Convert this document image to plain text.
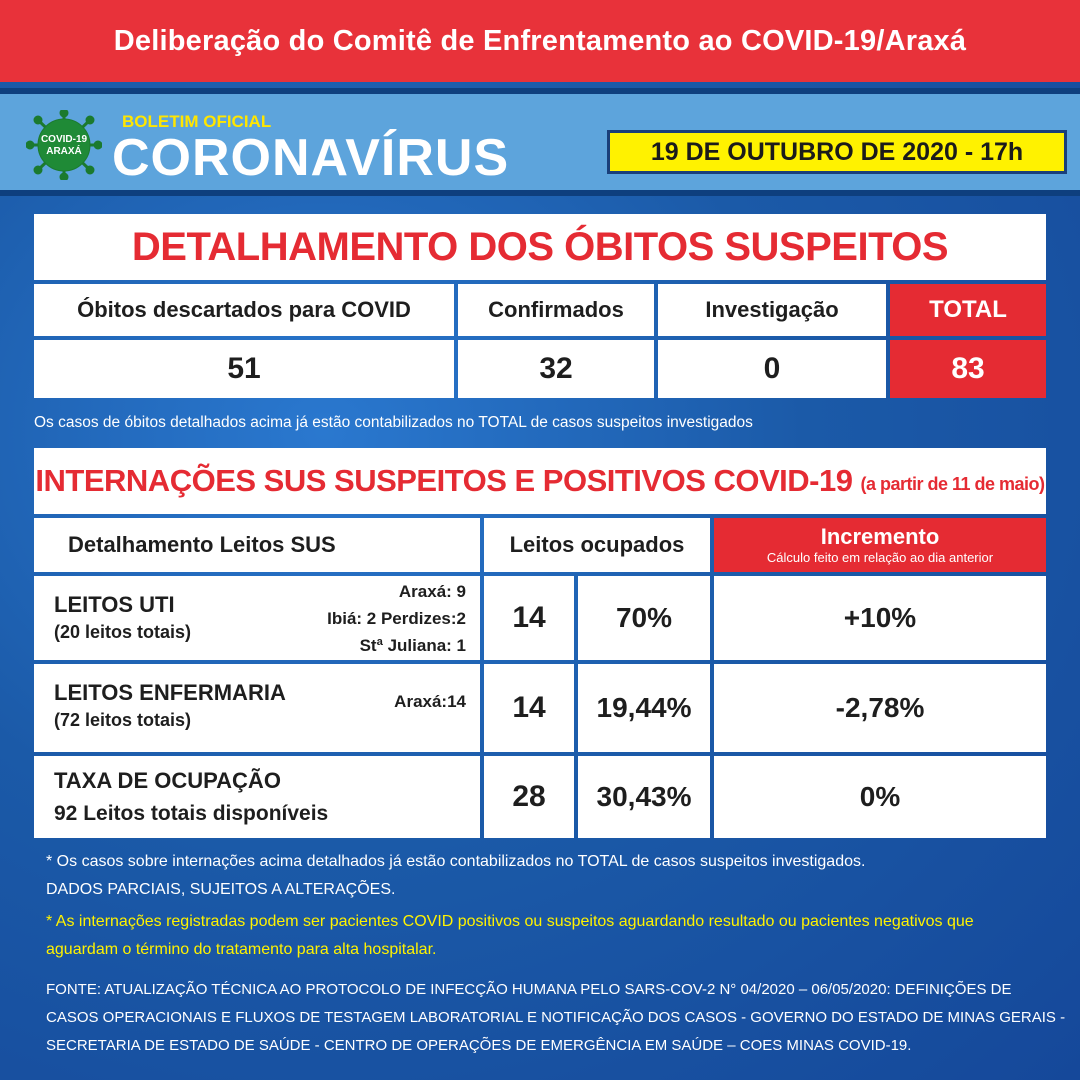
Deliberação do Comitê de Enfrentamento ao COVID-19/Araxá
COVID-19
ARAXÁ
BOLETIM OFICIAL
CORONAVÍRUS	19 DE OUTUBRO DE 2020 - 17h
DETALHAMENTO DOS ÓBITOS SUSPEITOS
Óbitos descartados para COVID	Confirmados	Investigação	TOTAL
51	32	0	83
Os casos de óbitos detalhados acima já estão contabilizados no TOTAL de casos suspeitos investigados
INTERNAÇÕES SUS SUSPEITOS E POSITIVOS COVID-19 (a partir de 11 de maio)
Detalhamento Leitos SUS	Leitos ocupados	Incremento
Cálculo feito em relação ao dia anterior
LEITOS UTI
(20 leitos totais)
Araxá: 9
Ibiá: 2 Perdizes:2
Stª Juliana: 1
14	70%	+10%
LEITOS ENFERMARIA
(72 leitos totais)
Araxá:14	14	19,44%	-2,78%
TAXA DE OCUPAÇÃO
92 Leitos totais disponíveis
28	30,43%	0%
* Os casos sobre internações acima detalhados já estão contabilizados no TOTAL de casos suspeitos investigados.
DADOS PARCIAIS, SUJEITOS A ALTERAÇÕES.
* As internações registradas podem ser pacientes COVID positivos ou suspeitos aguardando resultado ou pacientes negativos que
aguardam o término do tratamento para alta hospitalar.
FONTE: ATUALIZAÇÃO TÉCNICA AO PROTOCOLO DE INFECÇÃO HUMANA PELO SARS-COV-2 N° 04/2020 – 06/05/2020: DEFINIÇÕES DE
CASOS OPERACIONAIS E FLUXOS DE TESTAGEM LABORATORIAL E NOTIFICAÇÃO DOS CASOS - GOVERNO DO ESTADO DE MINAS GERAIS -
SECRETARIA DE ESTADO DE SAÚDE - CENTRO DE OPERAÇÕES DE EMERGÊNCIA EM SAÚDE – COES MINAS COVID-19.
